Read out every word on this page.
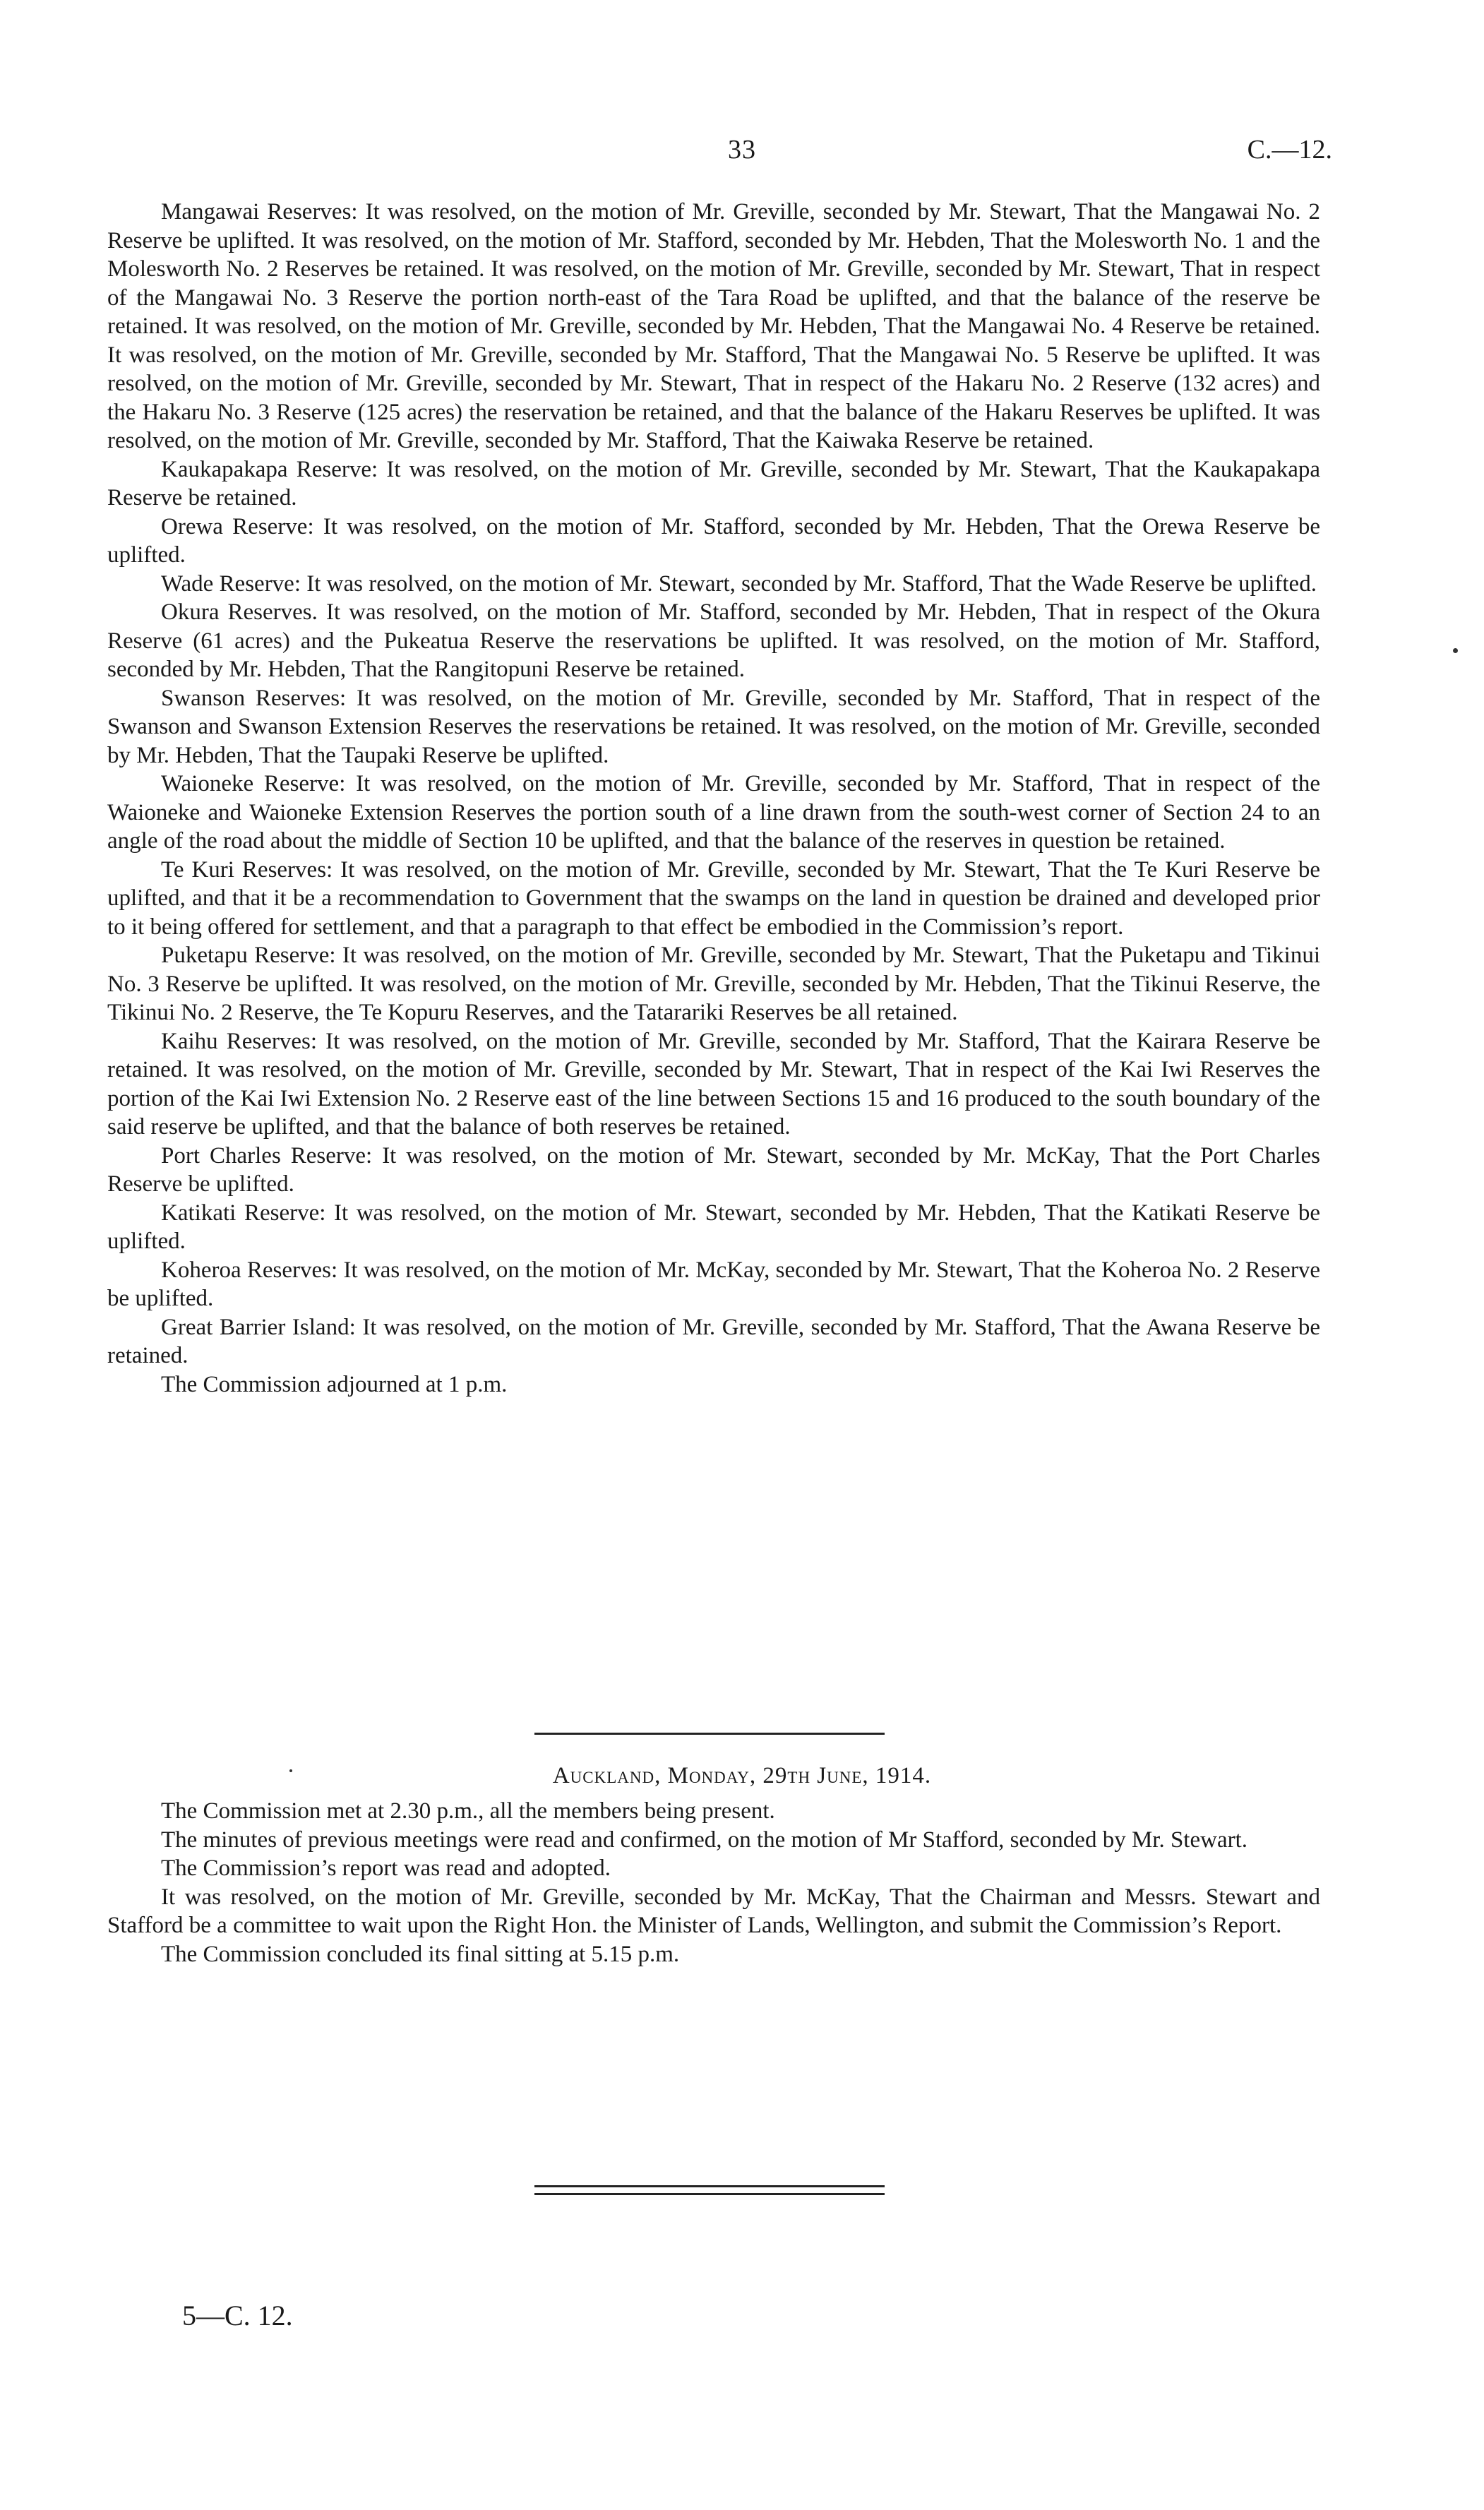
33	C.—12.

Mangawai Reserves: It was resolved, on the motion of Mr. Greville, seconded by Mr. Stewart, That the Mangawai No. 2 Reserve be uplifted. It was resolved, on the motion of Mr. Stafford, seconded by Mr. Hebden, That the Molesworth No. 1 and the Molesworth No. 2 Reserves be retained. It was resolved, on the motion of Mr. Greville, seconded by Mr. Stewart, That in respect of the Mangawai No. 3 Reserve the portion north-east of the Tara Road be uplifted, and that the balance of the reserve be retained. It was resolved, on the motion of Mr. Greville, seconded by Mr. Hebden, That the Mangawai No. 4 Reserve be retained. It was resolved, on the motion of Mr. Greville, seconded by Mr. Stafford, That the Mangawai No. 5 Reserve be uplifted. It was resolved, on the motion of Mr. Greville, seconded by Mr. Stewart, That in respect of the Hakaru No. 2 Reserve (132 acres) and the Hakaru No. 3 Reserve (125 acres) the reservation be retained, and that the balance of the Hakaru Reserves be uplifted. It was resolved, on the motion of Mr. Greville, seconded by Mr. Stafford, That the Kaiwaka Reserve be retained.

Kaukapakapa Reserve: It was resolved, on the motion of Mr. Greville, seconded by Mr. Stewart, That the Kaukapakapa Reserve be retained.

Orewa Reserve: It was resolved, on the motion of Mr. Stafford, seconded by Mr. Hebden, That the Orewa Reserve be uplifted.

Wade Reserve: It was resolved, on the motion of Mr. Stewart, seconded by Mr. Stafford, That the Wade Reserve be uplifted.

Okura Reserves. It was resolved, on the motion of Mr. Stafford, seconded by Mr. Hebden, That in respect of the Okura Reserve (61 acres) and the Pukeatua Reserve the reservations be uplifted. It was resolved, on the motion of Mr. Stafford, seconded by Mr. Hebden, That the Rangitopuni Reserve be retained.

Swanson Reserves: It was resolved, on the motion of Mr. Greville, seconded by Mr. Stafford, That in respect of the Swanson and Swanson Extension Reserves the reservations be retained. It was resolved, on the motion of Mr. Greville, seconded by Mr. Hebden, That the Taupaki Reserve be uplifted.

Waioneke Reserve: It was resolved, on the motion of Mr. Greville, seconded by Mr. Stafford, That in respect of the Waioneke and Waioneke Extension Reserves the portion south of a line drawn from the south-west corner of Section 24 to an angle of the road about the middle of Section 10 be uplifted, and that the balance of the reserves in question be retained.

Te Kuri Reserves: It was resolved, on the motion of Mr. Greville, seconded by Mr. Stewart, That the Te Kuri Reserve be uplifted, and that it be a recommendation to Government that the swamps on the land in question be drained and developed prior to it being offered for settlement, and that a paragraph to that effect be embodied in the Commission’s report.

Puketapu Reserve: It was resolved, on the motion of Mr. Greville, seconded by Mr. Stewart, That the Puketapu and Tikinui No. 3 Reserve be uplifted. It was resolved, on the motion of Mr. Greville, seconded by Mr. Hebden, That the Tikinui Reserve, the Tikinui No. 2 Reserve, the Te Kopuru Reserves, and the Tatarariki Reserves be all retained.

Kaihu Reserves: It was resolved, on the motion of Mr. Greville, seconded by Mr. Stafford, That the Kairara Reserve be retained. It was resolved, on the motion of Mr. Greville, seconded by Mr. Stewart, That in respect of the Kai Iwi Reserves the portion of the Kai Iwi Extension No. 2 Reserve east of the line between Sections 15 and 16 produced to the south boundary of the said reserve be uplifted, and that the balance of both reserves be retained.

Port Charles Reserve: It was resolved, on the motion of Mr. Stewart, seconded by Mr. McKay, That the Port Charles Reserve be uplifted.

Katikati Reserve: It was resolved, on the motion of Mr. Stewart, seconded by Mr. Hebden, That the Katikati Reserve be uplifted.

Koheroa Reserves: It was resolved, on the motion of Mr. McKay, seconded by Mr. Stewart, That the Koheroa No. 2 Reserve be uplifted.

Great Barrier Island: It was resolved, on the motion of Mr. Greville, seconded by Mr. Stafford, That the Awana Reserve be retained.

The Commission adjourned at 1 p.m.

Auckland, Monday, 29th June, 1914.

The Commission met at 2.30 p.m., all the members being present.

The minutes of previous meetings were read and confirmed, on the motion of Mr Stafford, seconded by Mr. Stewart.

The Commission’s report was read and adopted.

It was resolved, on the motion of Mr. Greville, seconded by Mr. McKay, That the Chairman and Messrs. Stewart and Stafford be a committee to wait upon the Right Hon. the Minister of Lands, Wellington, and submit the Commission’s Report.

The Commission concluded its final sitting at 5.15 p.m.

5—C. 12.
